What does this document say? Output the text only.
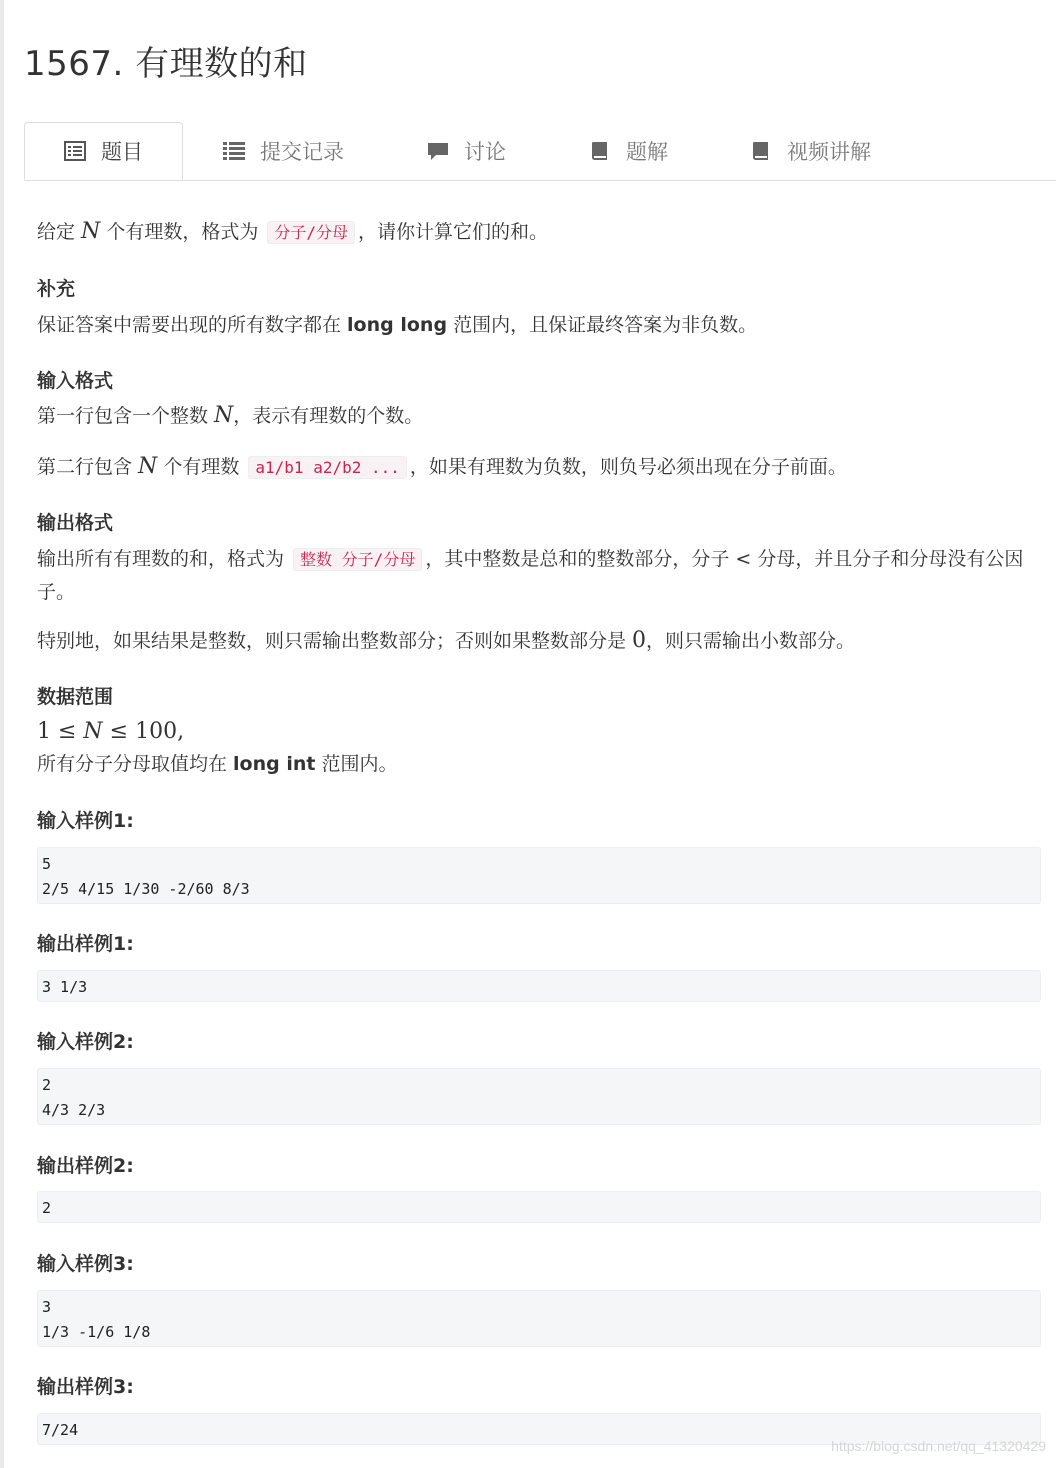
1567. 有理数的和
题目	提交记录	讨论	题解	视频讲解

给定 N 个有理数，格式为 分子/分母 ，请你计算它们的和。

补充

保证答案中需要出现的所有数字都在 long long 范围内，且保证最终答案为非负数。

输入格式

第一行包含一个整数 N，表示有理数的个数。

第二行包含 N 个有理数 a1/b1 a2/b2 ... ，如果有理数为负数，则负号必须出现在分子前面。

输出格式

输出所有有理数的和，格式为 整数 分子/分母 ，其中整数是总和的整数部分，分子 < 分母，并且分子和分母没有公因子。

特别地，如果结果是整数，则只需输出整数部分；否则如果整数部分是 0，则只需输出小数部分。

数据范围

1 ≤ N ≤ 100,

所有分子分母取值均在 long int 范围内。

输入样例1:
5
2/5 4/15 1/30 -2/60 8/3
输出样例1:
3 1/3
输入样例2:
2
4/3 2/3
输出样例2:
2
输入样例3:
3
1/3 -1/6 1/8
输出样例3:
7/24
https://blog.csdn.net/qq_41320429
